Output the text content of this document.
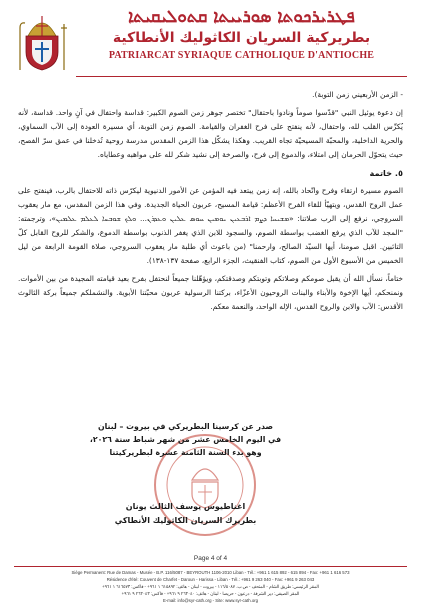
ܦܛܪܝܪܟܘܬܐ ܣܘܪܝܝܬܐ ܩܬܘܠܝܩܝܬܐ
بطريركية السريان الكاثوليك الأنطاكية
PATRIARCAT SYRIAQUE CATHOLIQUE D'ANTIOCHE

- الزمن الأربعيني زمن التوبة).

إن دعوة يوئيل النبي "قدّسوا صوماً ونادوا باحتفال" تختصر جوهر زمن الصوم الكبير: قداسة واحتفال في آنٍ واحد. قداسة، لأنه يُكرِّس القلب لله، واحتفال، لأنه ينفتح على فرح الغفران والقيامة. الصوم زمن التوبة، أي مسيرة العودة إلى الآب السماوي، والحرية الداخلية، والمحبّة المسيحيّة تجاه القريب. وهكذا يشكّل هذا الزمن المقدس مدرسة روحية تُدخلنا في عمق سرّ الفصح، حيث يتحوّل الحرمان إلى امتلاء، والدموع إلى فرح، والصرخة إلى نشيد شكر لله على مواهبه وعطاياه.

٥. خاتمة

الصوم مسيرة ارتقاء وفرح واتّحاد بالله، إنه زمن يبتعد فيه المؤمن عن الأمور الدنيوية ليكرّس ذاته للاحتفال بالرب، فينفتح على عمل الروح القدس، ويتهيّأ للقاء الفرح الأعظم: قيامة المسيح، عربون الحياة الجديدة. وفي هذا الزمن المقدس، مع مار يعقوب السروجي، نرفع إلى الرب صلاتنا: «ܡܫܝܚܐ ܕܨܡ ܐܪܒܥܝܢ ܝܘܡܝܢ ܚܘܣ ܥܠܝܢ ܘܥܕܪܢ... ܘܠܟ ܫܘܒܚܐ ܠܥܠܡ ܥܠܡܝܢ»، وترجمته: "المجد للآب الذي يرفع الغضب بواسطة الصوم، والسجود للابن الذي يغفر الذنوب بواسطة الدموع، والشكر للروح القابل كلّ التائبين. اقبل صومنا، أيها السيّد الصالح، وارحمنا" (من باعوث أي طلبة مار يعقوب السروجي، صلاة القومة الرابعة من ليل الخميس من الأسبوع الأول من الصوم، كتاب الفنقيث، الجزء الرابع، صفحة ١٣٧-١٣٨).

ختاماً، نسأل الله أن يقبل صومكم وصلاتكم وتوبتكم وصدقتكم، ويؤهّلنا جميعاً لنحتفل بفرح بعيد قيامته المجيدة من بين الأموات. ونمنحكم، أيها الإخوة والأبناء والبنات الروحيون الأعزّاء، بركتنا الرسولية عربون محبّتنا الأبوية. والنشملكم جميعاً بركة الثالوث الأقدس: الآب والابن والروح القدس، الإله الواحد، والنعمة معكم.

صدر عن كرسينا البطريركي في بيروت – لبنان
في اليوم الخامس عشر من شهر شباط سنة ٢٠٢٦،
وهو بدء السنة الثامنة عشرة لبطريركيتنا
اغناطيوس يوسف الثالث يونان
بطريرك السريان الكاثوليك الأنطاكي
Page 4 of 4
Siège Permanent: Rue de Damas - Musée - B.P. 116/5087 - BEYROUTH 1106-2010 Liban - Tél.: +961 1 615 892 - 615 894 - Fax: +961 1 616 573
Résidence d'été: Couvent de Charfet - Daroun - Harissa - Liban - Tél.: +961 9 263 040 - Fax: +961 9 263 043
المقر الرئيسي: طريق الشام - المتحف - ص.ب. ١١٦/٥٠٨٧ - بيروت - لبنان - هاتف: ٦١٥٨٩٢ ١ ٩٦١+ - فاكس: ٦١٦٥٧٣ ١ ٩٦١+
المقر الصيفي: دير الشرفة - درعون - حريصا - لبنان - هاتف: ٢٦٣٠٤٠ ٩ ٩٦١+ - فاكس: ٢٦٣٠٤٣ ٩ ٩٦١+
E-mail: info@syr-cath.org - Site: www.syr-cath.org
